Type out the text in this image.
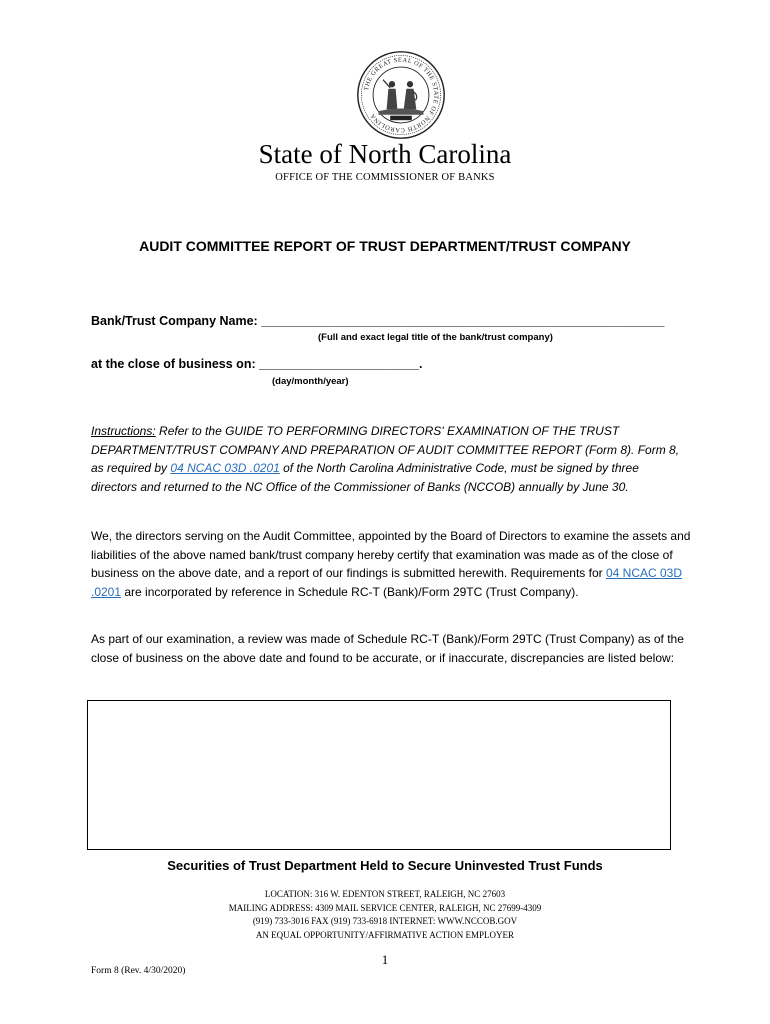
THE GREAT SEAL OF THE STATE OF NORTH CAROLINA
State of North Carolina
OFFICE OF THE COMMISSIONER OF BANKS
AUDIT COMMITTEE REPORT OF TRUST DEPARTMENT/TRUST COMPANY
Bank/Trust Company Name: __________________________________________________________
(Full and exact legal title of the bank/trust company)
at the close of business on: _______________________.
(day/month/year)
Instructions: Refer to the GUIDE TO PERFORMING DIRECTORS' EXAMINATION OF THE TRUST DEPARTMENT/TRUST COMPANY AND PREPARATION OF AUDIT COMMITTEE REPORT (Form 8). Form 8, as required by 04 NCAC 03D .0201 of the North Carolina Administrative Code, must be signed by three directors and returned to the NC Office of the Commissioner of Banks (NCCOB) annually by June 30.
We, the directors serving on the Audit Committee, appointed by the Board of Directors to examine the assets and liabilities of the above named bank/trust company hereby certify that examination was made as of the close of business on the above date, and a report of our findings is submitted herewith. Requirements for 04 NCAC 03D .0201 are incorporated by reference in Schedule RC-T (Bank)/Form 29TC (Trust Company).
As part of our examination, a review was made of Schedule RC-T (Bank)/Form 29TC (Trust Company) as of the close of business on the above date and found to be accurate, or if inaccurate, discrepancies are listed below:
Securities of Trust Department Held to Secure Uninvested Trust Funds
LOCATION: 316 W. EDENTON STREET, RALEIGH, NC 27603
MAILING ADDRESS: 4309 MAIL SERVICE CENTER, RALEIGH, NC 27699-4309
(919) 733-3016 FAX (919) 733-6918 INTERNET: WWW.NCCOB.GOV
AN EQUAL OPPORTUNITY/AFFIRMATIVE ACTION EMPLOYER
1
Form 8 (Rev. 4/30/2020)
